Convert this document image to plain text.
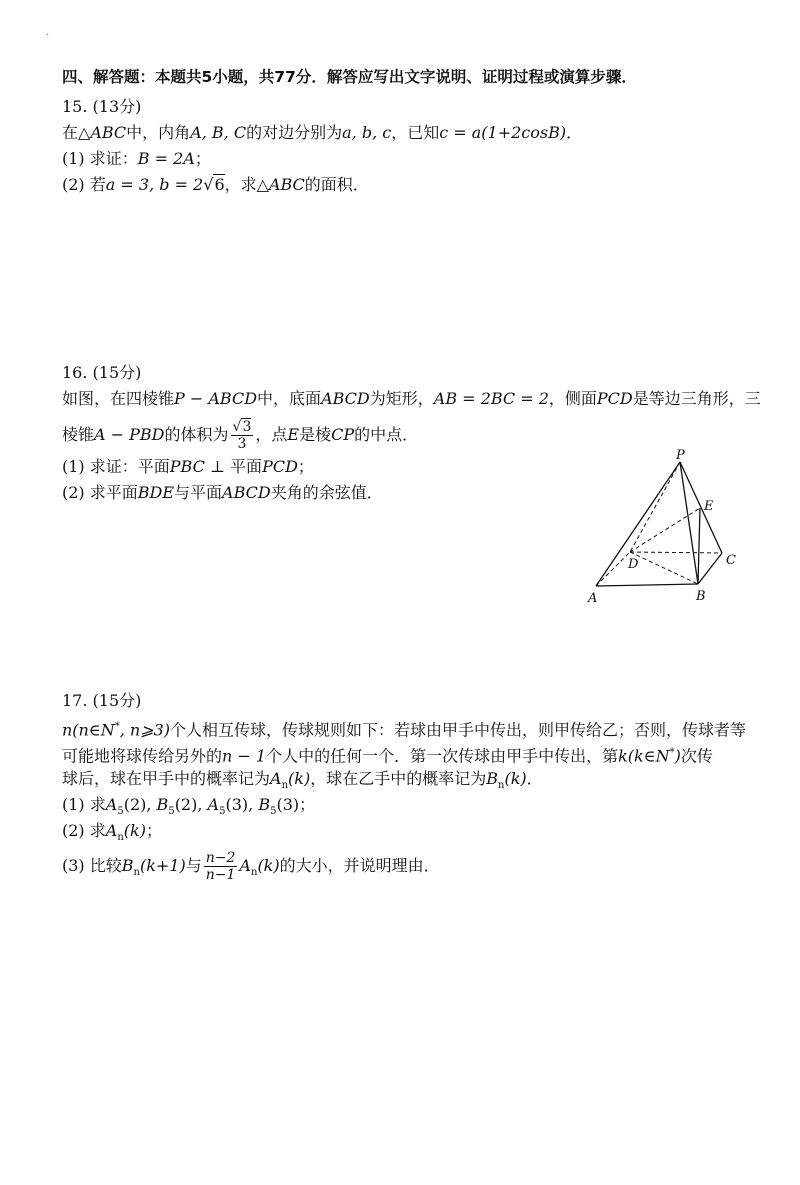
·
四、解答题：本题共5小题，共77分．解答应写出文字说明、证明过程或演算步骤．
15. (13分)
在△ABC中，内角A, B, C的对边分别为a, b, c，已知c = a(1+2cosB)．
(1) 求证：B = 2A；
(2) 若a = 3, b = 2√6，求△ABC的面积．
16. (15分)
如图，在四棱锥P − ABCD中，底面ABCD为矩形，AB = 2BC = 2，侧面PCD是等边三角形，三
棱锥A − PBD的体积为 $\frac{√3}{3}$ ，点E是棱CP的中点．
(1) 求证：平面PBC ⊥ 平面PCD；
(2) 求平面BDE与平面ABCD夹角的余弦值．
P
E
D	C
A	B
17. (15分)
n(n∈N*, n⩾3)个人相互传球，传球规则如下：若球由甲手中传出，则甲传给乙；否则，传球者等
可能地将球传给另外的n − 1个人中的任何一个．第一次传球由甲手中传出，第k(k∈N*)次传
球后，球在甲手中的概率记为$A_n(k)$，球在乙手中的概率记为$B_n(k)$．
(1) 求$A_5(2)$, $B_5(2)$, $A_5(3)$, $B_5(3)$；
(2) 求$A_n(k)$；
(3) 比较$B_n(k+1)$与 $\frac{n-2}{n-1} A_n(k)$的大小，并说明理由．
